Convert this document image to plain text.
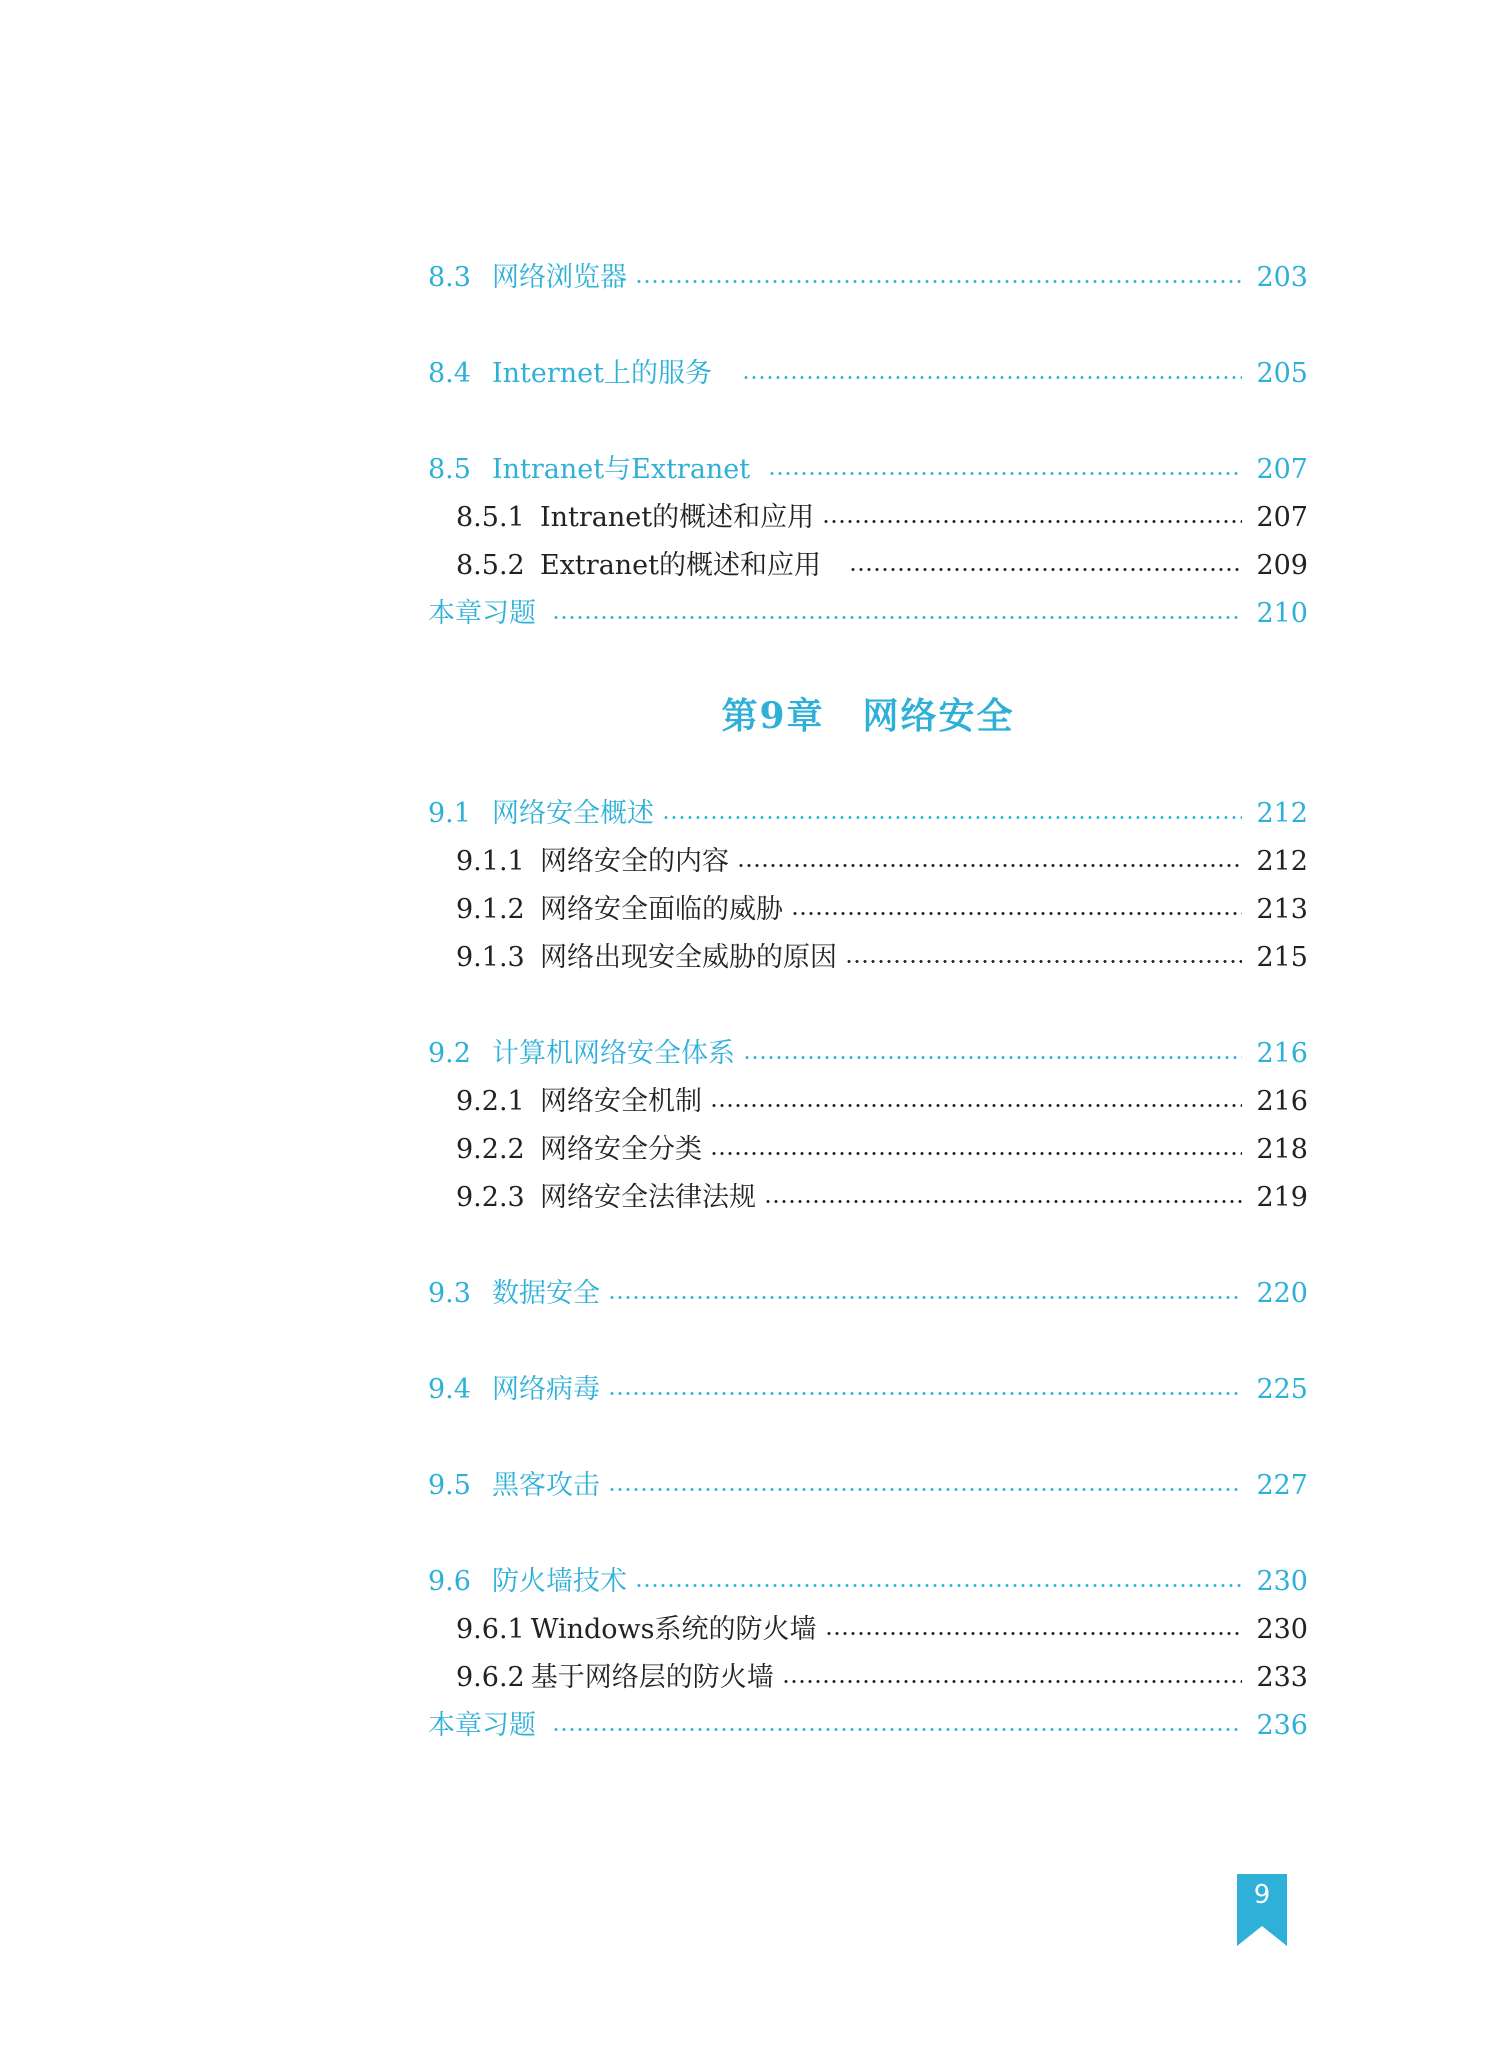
8.3 网络浏览器	203
8.4 Internet上的服务	205
8.5 Intranet与Extranet	207
8.5.1 Intranet的概述和应用	207
8.5.2 Extranet的概述和应用	209
本章习题	210
第9章 网络安全
9.1 网络安全概述	212
9.1.1 网络安全的内容	212
9.1.2 网络安全面临的威胁	213
9.1.3 网络出现安全威胁的原因	215
9.2 计算机网络安全体系	216
9.2.1 网络安全机制	216
9.2.2 网络安全分类	218
9.2.3 网络安全法律法规	219
9.3 数据安全	220
9.4 网络病毒	225
9.5 黑客攻击	227
9.6 防火墙技术	230
9.6.1 Windows系统的防火墙	230
9.6.2 基于网络层的防火墙	233
本章习题	236
9
